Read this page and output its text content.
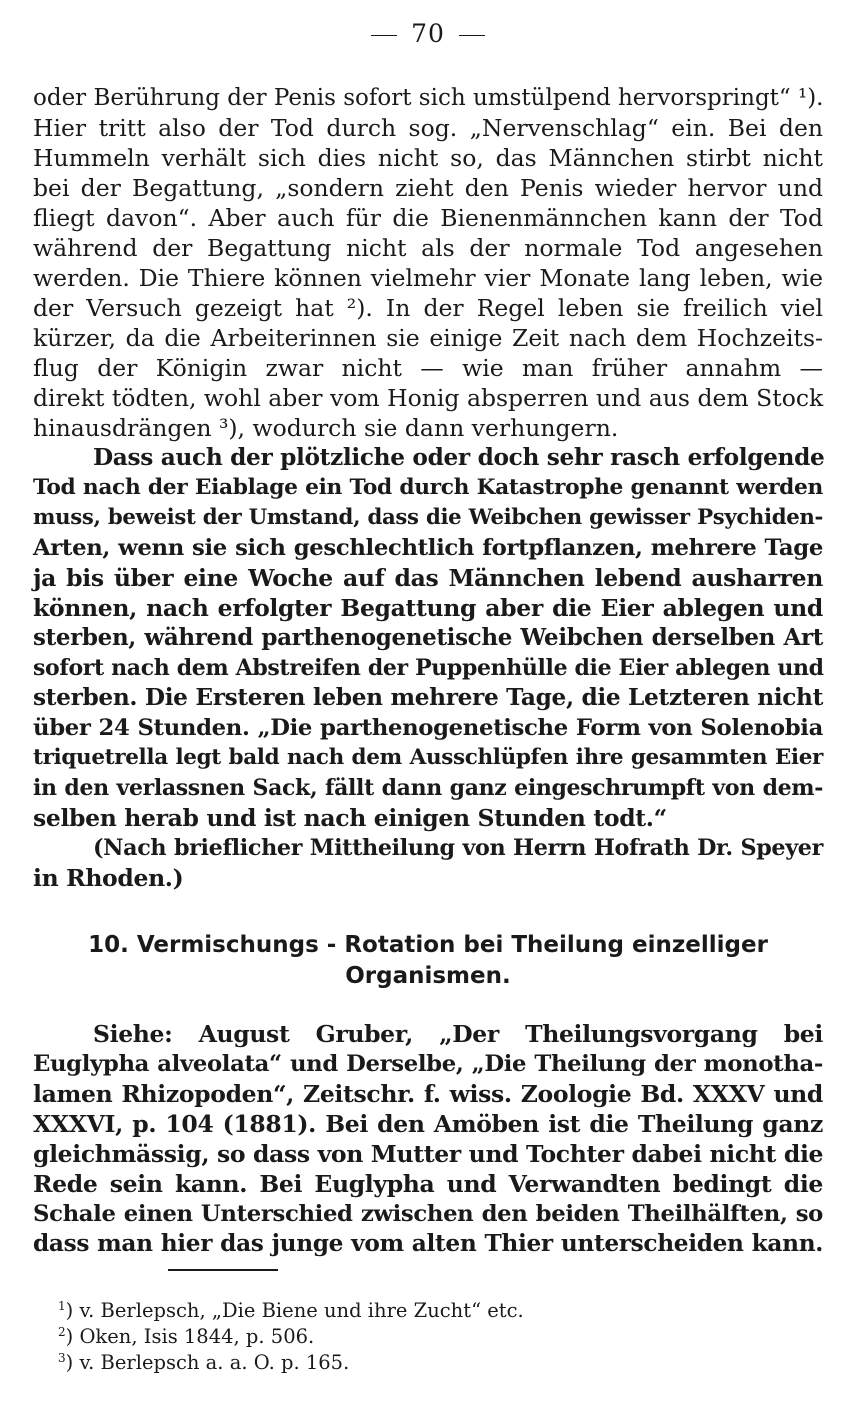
70
oder Berührung der Penis sofort sich umstülpend hervorspringt“ ¹).
Hier tritt also der Tod durch sog. „Nervenschlag“ ein. Bei den
Hummeln verhält sich dies nicht so, das Männchen stirbt nicht
bei der Begattung, „sondern zieht den Penis wieder hervor und
fliegt davon“. Aber auch für die Bienenmännchen kann der Tod
während der Begattung nicht als der normale Tod angesehen
werden. Die Thiere können vielmehr vier Monate lang leben, wie
der Versuch gezeigt hat ²). In der Regel leben sie freilich viel
kürzer, da die Arbeiterinnen sie einige Zeit nach dem Hochzeits-
flug der Königin zwar nicht — wie man früher annahm —
direkt tödten, wohl aber vom Honig absperren und aus dem Stock
hinausdrängen ³), wodurch sie dann verhungern.
Dass auch der plötzliche oder doch sehr rasch erfolgende
Tod nach der Eiablage ein Tod durch Katastrophe genannt werden
muss, beweist der Umstand, dass die Weibchen gewisser Psychiden-
Arten, wenn sie sich geschlechtlich fortpflanzen, mehrere Tage
ja bis über eine Woche auf das Männchen lebend ausharren
können, nach erfolgter Begattung aber die Eier ablegen und
sterben, während parthenogenetische Weibchen derselben Art
sofort nach dem Abstreifen der Puppenhülle die Eier ablegen und
sterben. Die Ersteren leben mehrere Tage, die Letzteren nicht
über 24 Stunden. „Die parthenogenetische Form von Solenobia
triquetrella legt bald nach dem Ausschlüpfen ihre gesammten Eier
in den verlassnen Sack, fällt dann ganz eingeschrumpft von dem-
selben herab und ist nach einigen Stunden todt.“
(Nach brieflicher Mittheilung von Herrn Hofrath Dr. Speyer
in Rhoden.)
10. Vermischungs - Rotation bei Theilung einzelliger
Organismen.
Siehe: August Gruber, „Der Theilungsvorgang bei
Euglypha alveolata“ und Derselbe, „Die Theilung der monotha-
lamen Rhizopoden“, Zeitschr. f. wiss. Zoologie Bd. XXXV und
XXXVI, p. 104 (1881). Bei den Amöben ist die Theilung ganz
gleichmässig, so dass von Mutter und Tochter dabei nicht die
Rede sein kann. Bei Euglypha und Verwandten bedingt die
Schale einen Unterschied zwischen den beiden Theilhälften, so
dass man hier das junge vom alten Thier unterscheiden kann.
$^1$) v. Berlepsch, „Die Biene und ihre Zucht“ etc.
$^2$) Oken, Isis 1844, p. 506.
$^3$) v. Berlepsch a. a. O. p. 165.
